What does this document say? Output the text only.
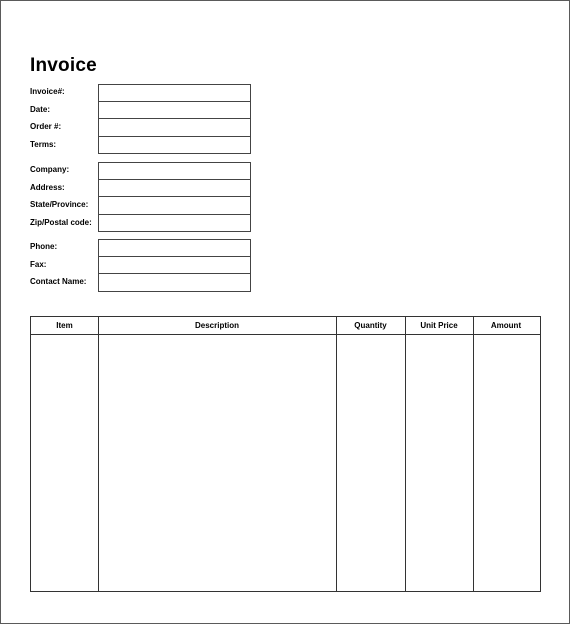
Invoice
Invoice#:
Date:
Order #:
Terms:
Company:
Address:
State/Province:
Zip/Postal code:
Phone:
Fax:
Contact Name:
Item	Description	Quantity	Unit Price	Amount
